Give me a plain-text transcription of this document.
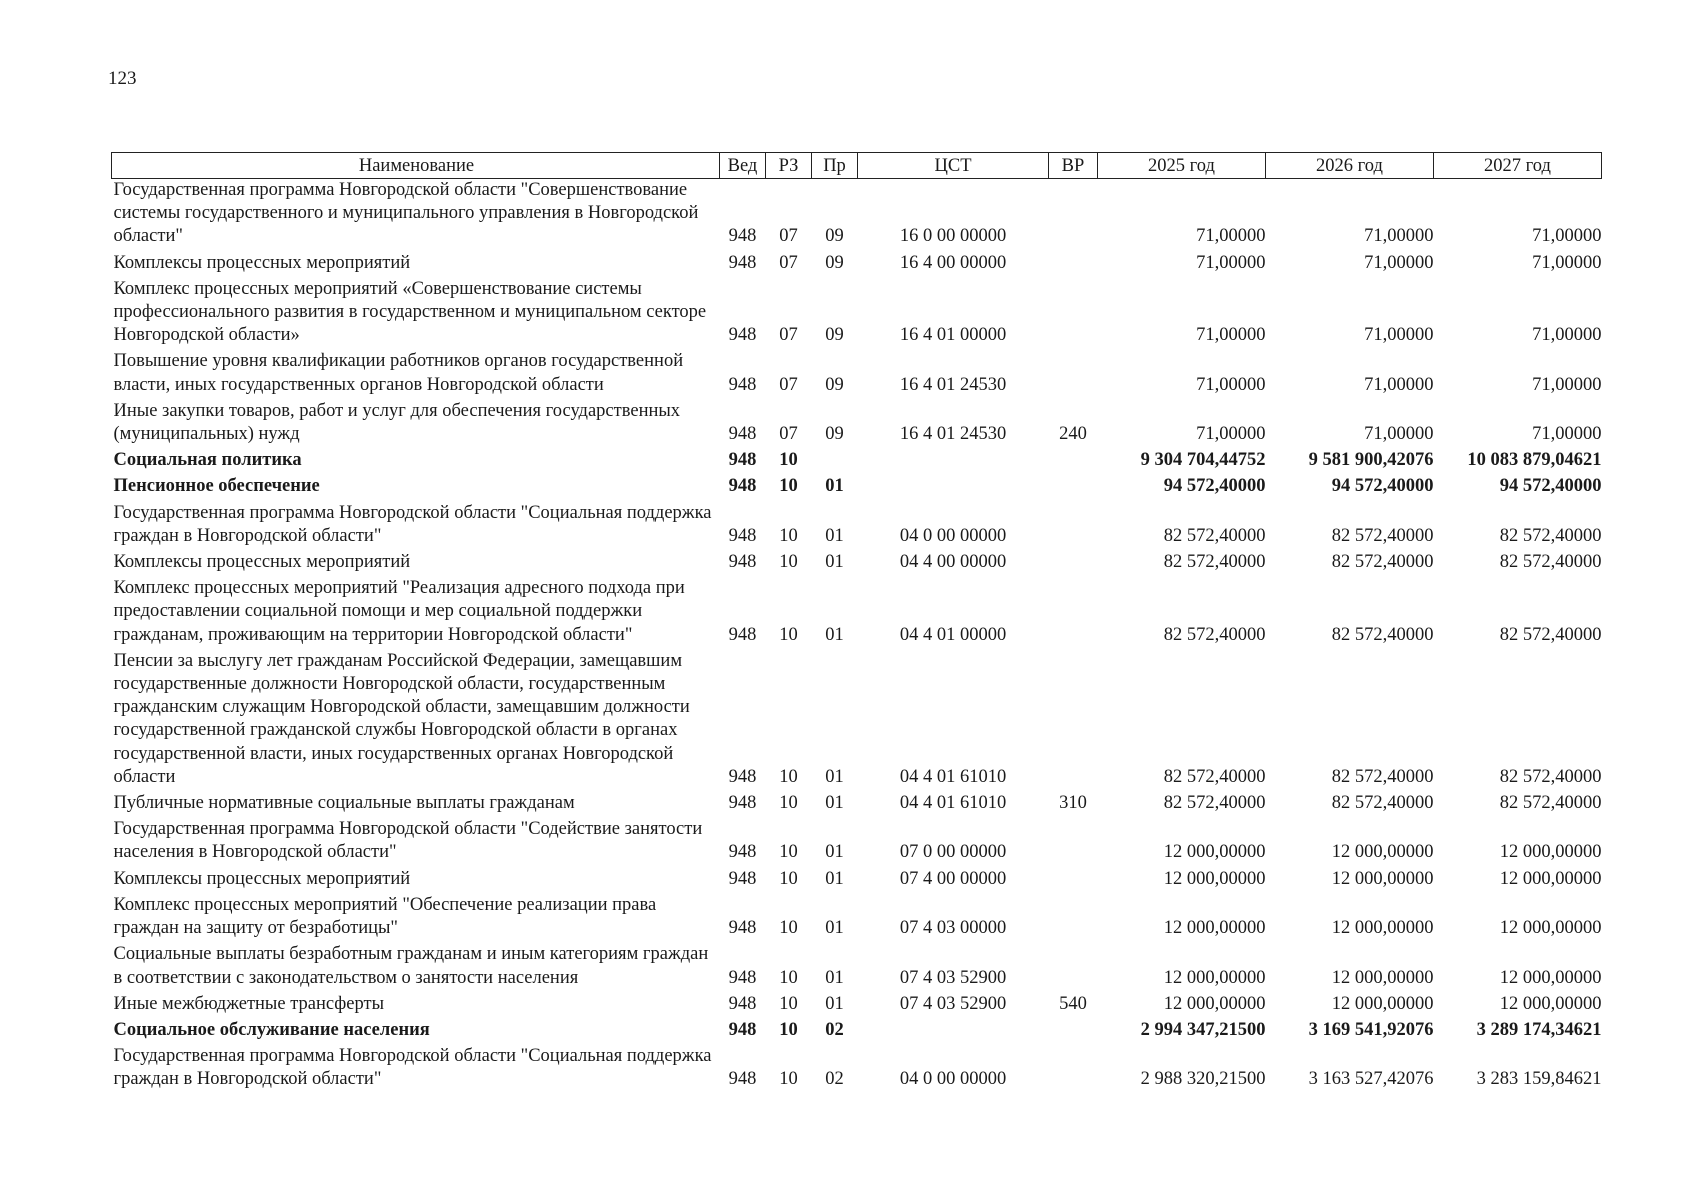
123
Наименование	Вед	РЗ	Пр	ЦСТ	ВР	2025 год	2026 год	2027 год
Государственная программа Новгородской области "Совершенствование системы государственного и муниципального управления в Новгородской области"	948	07	09	16 0 00 00000		71,00000	71,00000	71,00000
Комплексы процессных мероприятий	948	07	09	16 4 00 00000		71,00000	71,00000	71,00000
Комплекс процессных мероприятий «Совершенствование системы профессионального развития в государственном и муниципальном секторе Новгородской области»	948	07	09	16 4 01 00000		71,00000	71,00000	71,00000
Повышение уровня квалификации работников органов государственной власти, иных государственных органов Новгородской области	948	07	09	16 4 01 24530		71,00000	71,00000	71,00000
Иные закупки товаров, работ и услуг для обеспечения государственных (муниципальных) нужд	948	07	09	16 4 01 24530	240	71,00000	71,00000	71,00000
Социальная политика	948	10				9 304 704,44752	9 581 900,42076	10 083 879,04621
Пенсионное обеспечение	948	10	01			94 572,40000	94 572,40000	94 572,40000
Государственная программа Новгородской области "Социальная поддержка граждан в Новгородской области"	948	10	01	04 0 00 00000		82 572,40000	82 572,40000	82 572,40000
Комплексы процессных мероприятий	948	10	01	04 4 00 00000		82 572,40000	82 572,40000	82 572,40000
Комплекс процессных мероприятий "Реализация адресного подхода при предоставлении социальной помощи и мер социальной поддержки гражданам, проживающим на территории Новгородской области"	948	10	01	04 4 01 00000		82 572,40000	82 572,40000	82 572,40000
Пенсии за выслугу лет гражданам Российской Федерации, замещавшим государственные должности Новгородской области, государственным гражданским служащим Новгородской области, замещавшим должности государственной гражданской службы Новгородской области в органах государственной власти, иных государственных органах Новгородской области	948	10	01	04 4 01 61010		82 572,40000	82 572,40000	82 572,40000
Публичные нормативные социальные выплаты гражданам	948	10	01	04 4 01 61010	310	82 572,40000	82 572,40000	82 572,40000
Государственная программа Новгородской области "Содействие занятости населения в Новгородской области"	948	10	01	07 0 00 00000		12 000,00000	12 000,00000	12 000,00000
Комплексы процессных мероприятий	948	10	01	07 4 00 00000		12 000,00000	12 000,00000	12 000,00000
Комплекс процессных мероприятий "Обеспечение реализации права граждан на защиту от безработицы"	948	10	01	07 4 03 00000		12 000,00000	12 000,00000	12 000,00000
Социальные выплаты безработным гражданам и иным категориям граждан в соответствии с законодательством о занятости населения	948	10	01	07 4 03 52900		12 000,00000	12 000,00000	12 000,00000
Иные межбюджетные трансферты	948	10	01	07 4 03 52900	540	12 000,00000	12 000,00000	12 000,00000
Социальное обслуживание населения	948	10	02			2 994 347,21500	3 169 541,92076	3 289 174,34621
Государственная программа Новгородской области "Социальная поддержка граждан в Новгородской области"	948	10	02	04 0 00 00000		2 988 320,21500	3 163 527,42076	3 283 159,84621
